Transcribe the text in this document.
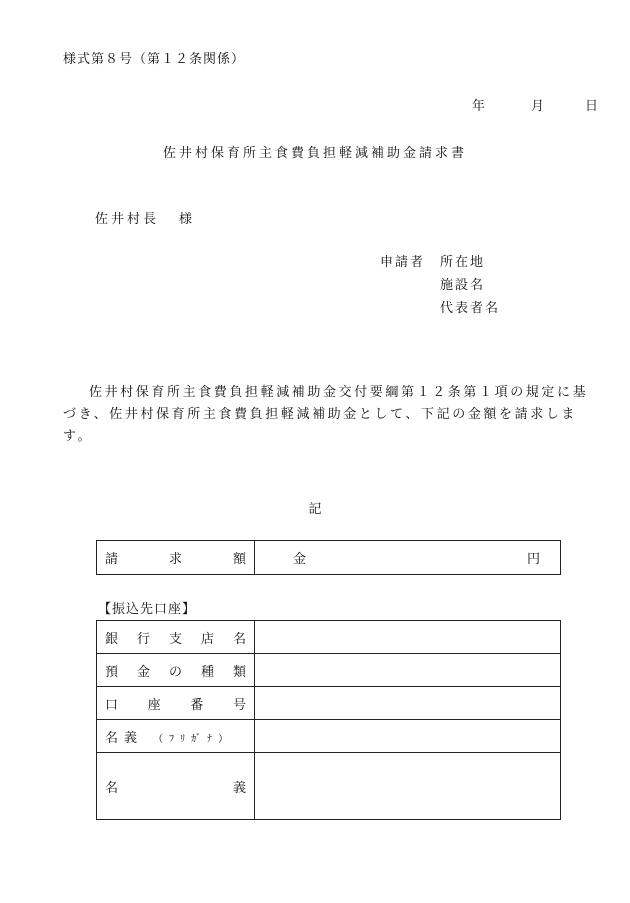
様式第８号（第１２条関係）
年	月	日
佐井村保育所主食費負担軽減補助金請求書
佐井村長 様
申請者 所在地
施設名
代表者名
佐井村保育所主食費負担軽減補助金交付要綱第１２条第１項の規定に基づき、佐井村保育所主食費負担軽減補助金として、下記の金額を請求します。
記
請	求	額	金	円
【振込先口座】
銀 行 支 店 名	

預 金 の 種 類	

口 座 番 号	

名義 （ﾌﾘｶﾞﾅ）	

名 義	
